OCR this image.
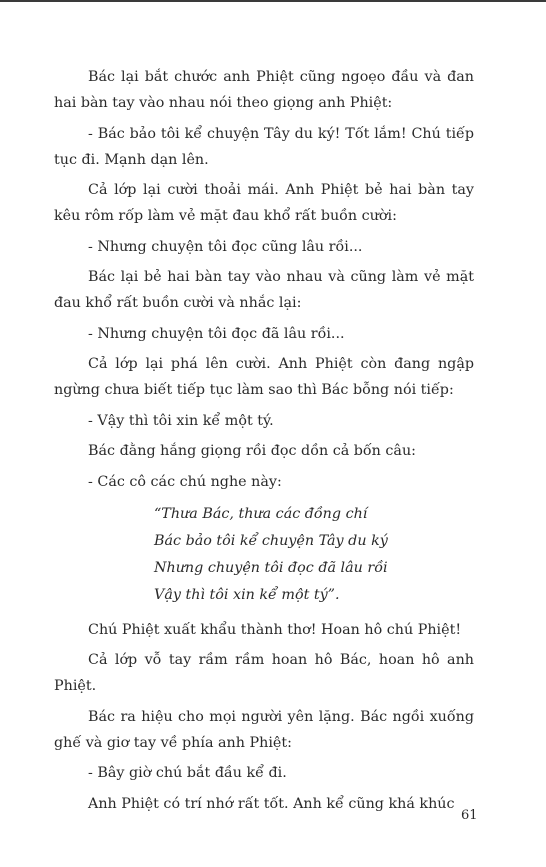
Bác lại bắt chước anh Phiệt cũng ngoẹo đầu và đan hai bàn tay vào nhau nói theo giọng anh Phiệt:

- Bác bảo tôi kể chuyện Tây du ký! Tốt lắm! Chú tiếp tục đi. Mạnh dạn lên.

Cả lớp lại cười thoải mái. Anh Phiệt bẻ hai bàn tay kêu rôm rốp làm vẻ mặt đau khổ rất buồn cười:

- Nhưng chuyện tôi đọc cũng lâu rồi...

Bác lại bẻ hai bàn tay vào nhau và cũng làm vẻ mặt đau khổ rất buồn cười và nhắc lại:

- Nhưng chuyện tôi đọc đã lâu rồi...

Cả lớp lại phá lên cười. Anh Phiệt còn đang ngập ngừng chưa biết tiếp tục làm sao thì Bác bỗng nói tiếp:

- Vậy thì tôi xin kể một tý.

Bác đằng hắng giọng rồi đọc dồn cả bốn câu:

- Các cô các chú nghe này:

“Thưa Bác, thưa các đồng chí
Bác bảo tôi kể chuyện Tây du ký
Nhưng chuyện tôi đọc đã lâu rồi
Vậy thì tôi xin kể một tý”.

Chú Phiệt xuất khẩu thành thơ! Hoan hô chú Phiệt!

Cả lớp vỗ tay rầm rầm hoan hô Bác, hoan hô anh Phiệt.

Bác ra hiệu cho mọi người yên lặng. Bác ngồi xuống ghế và giơ tay về phía anh Phiệt:

- Bây giờ chú bắt đầu kể đi.

Anh Phiệt có trí nhớ rất tốt. Anh kể cũng khá khúc

61
